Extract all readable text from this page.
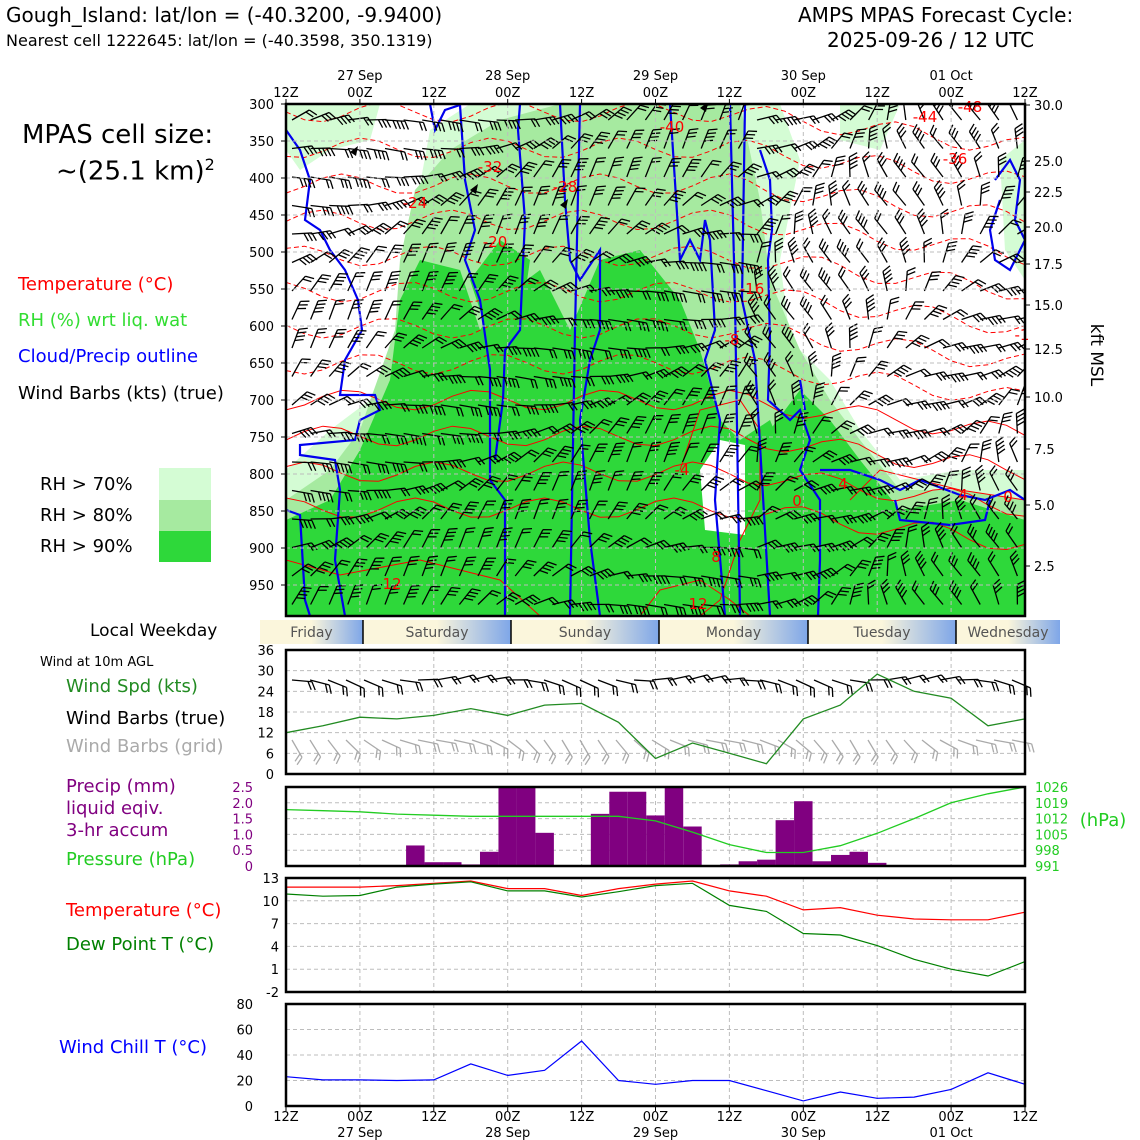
Gough_Island: lat/lon = (-40.3200, -9.9400)
Nearest cell 1222645: lat/lon = (-40.3598, 350.1319)
AMPS MPAS Forecast Cycle:
2025-09-26 / 12 UTC
MPAS cell size:
~(25.1 km)$^2$
Temperature (°C)
RH (%) wrt liq. wat
Cloud/Precip outline
Wind Barbs (kts) (true)
RH > 70%
RH > 80%
RH > 90%
Local Weekday
Wind at 10m AGL
Wind Spd (kts)
Wind Barbs (true)
Wind Barbs (grid)
Precip (mm)
liquid eqiv.
3-hr accum
Pressure (hPa)
Temperature (°C)
Dew Point T (°C)
Wind Chill T (°C)
-48
-44
-40
-36
-32
-28
-24
-20
-16
-8
-4
0
4
8
12
12
-1
4 0
300
350
400
450
500
550
600
650
700
750
800
850
900
950
30.0
25.0
22.5
20.0
17.5
15.0
12.5
10.0
7.5
5.0
2.5
kft MSL
12Z	00Z	12Z	00Z	12Z	00Z	12Z	00Z	12Z	00Z	12Z
27 Sep	28 Sep	29 Sep	30 Sep	01 Oct
Friday	Saturday	Sunday	Monday	Tuesday	Wednesday
36
30
24
18
12
6
0
2.5
2.0
1.5
1.0
0.5
0
1026
1019
1012
1005
998
991
(hPa)
13
10
7
4
1
-2
80
60
40
20
0
12Z	00Z	12Z	00Z	12Z	00Z	12Z	00Z	12Z	00Z	12Z
27 Sep	28 Sep	29 Sep	30 Sep	01 Oct
